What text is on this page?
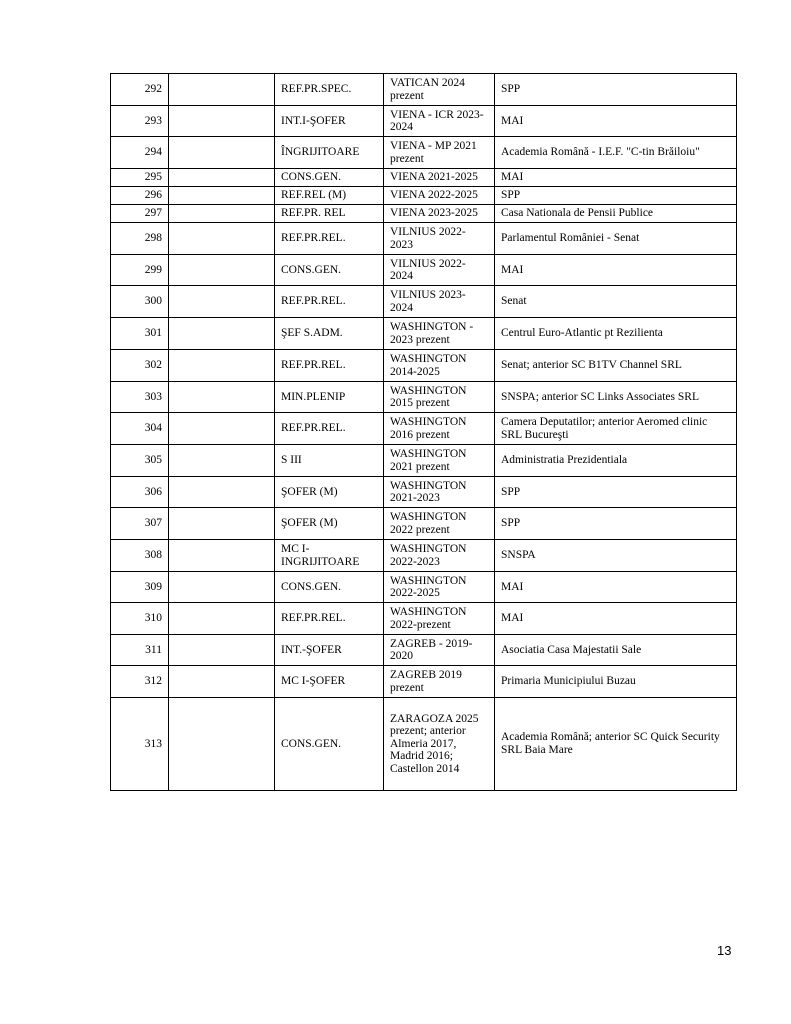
292		REF.PR.SPEC.	VATICAN 2024 prezent	SPP
293		INT.I-ŞOFER	VIENA - ICR 2023-2024	MAI
294		ÎNGRIJITOARE	VIENA - MP 2021 prezent	Academia Română - I.E.F. "C-tin Brăiloiu"
295		CONS.GEN.	VIENA 2021-2025	MAI
296		REF.REL (M)	VIENA 2022-2025	SPP
297		REF.PR. REL	VIENA 2023-2025	Casa Nationala de Pensii Publice
298		REF.PR.REL.	VILNIUS 2022-2023	Parlamentul României - Senat
299		CONS.GEN.	VILNIUS 2022-2024	MAI
300		REF.PR.REL.	VILNIUS 2023-2024	Senat
301		ŞEF S.ADM.	WASHINGTON - 2023 prezent	Centrul Euro-Atlantic pt Rezilienta
302		REF.PR.REL.	WASHINGTON 2014-2025	Senat; anterior SC B1TV Channel SRL
303		MIN.PLENIP	WASHINGTON 2015 prezent	SNSPA; anterior SC Links Associates SRL
304		REF.PR.REL.	WASHINGTON 2016 prezent	Camera Deputatilor; anterior Aeromed clinic SRL Bucureşti
305		S III	WASHINGTON 2021 prezent	Administratia Prezidentiala
306		ŞOFER (M)	WASHINGTON 2021-2023	SPP
307		ŞOFER (M)	WASHINGTON 2022 prezent	SPP
308		MC I-INGRIJITOARE	WASHINGTON 2022-2023	SNSPA
309		CONS.GEN.	WASHINGTON 2022-2025	MAI
310		REF.PR.REL.	WASHINGTON 2022-prezent	MAI
311		INT.-ŞOFER	ZAGREB - 2019-2020	Asociatia Casa Majestatii Sale
312		MC I-ŞOFER	ZAGREB 2019 prezent	Primaria Municipiului Buzau
313		CONS.GEN.	ZARAGOZA 2025 prezent; anterior Almeria 2017, Madrid 2016; Castellon 2014	Academia Română; anterior SC Quick Security SRL Baia Mare
13
